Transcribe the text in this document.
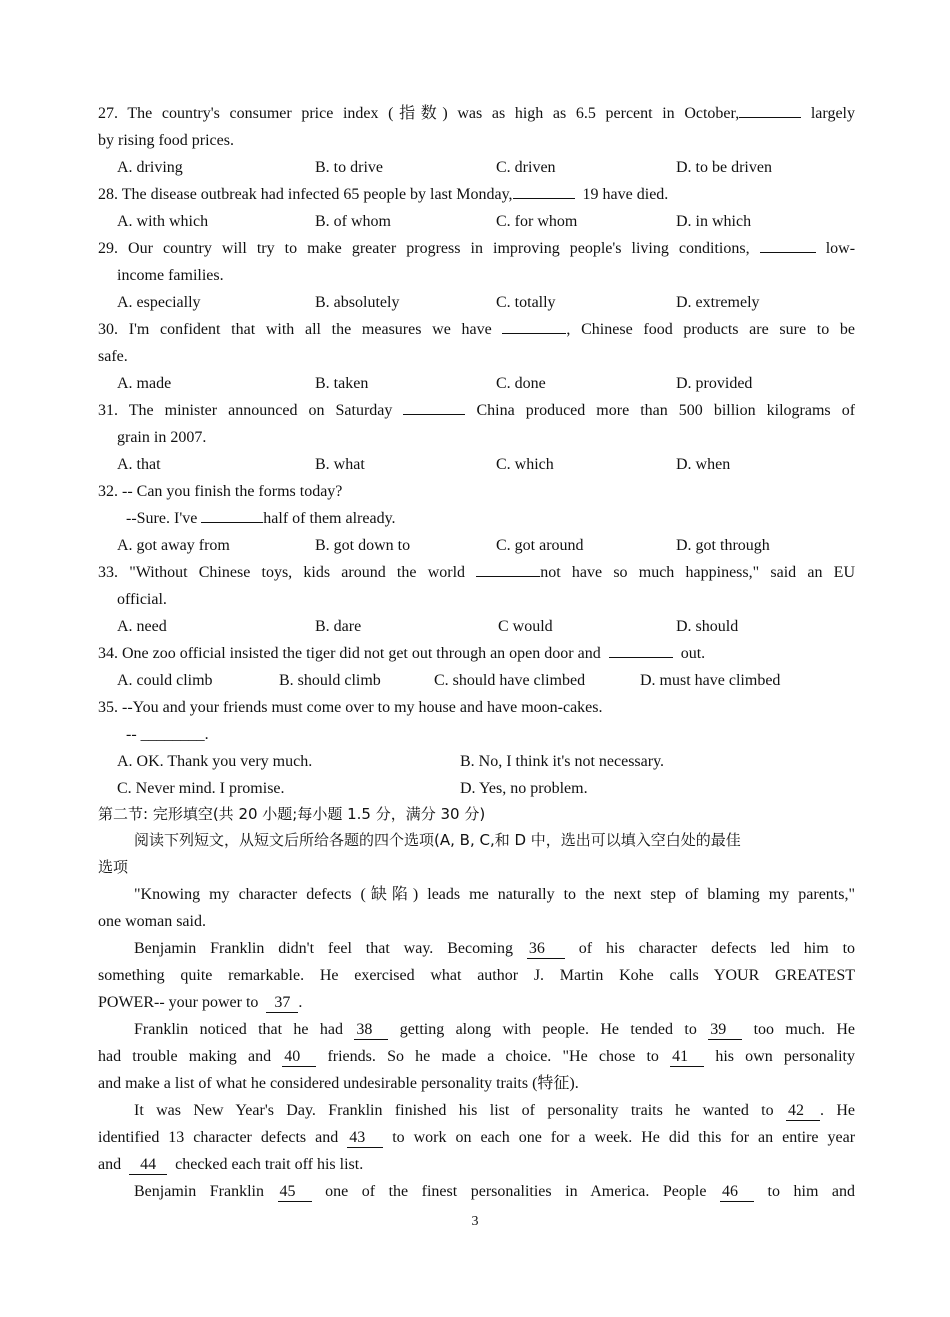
27. The country's consumer price index (指数) was as high as 6.5 percent in October,	largely
by rising food prices.
A. driving	B. to drive	C. driven	D. to be driven
28. The disease outbreak had infected 65 people by last Monday,	19 have died.
A. with which	B. of whom	C. for whom	D. in which
29. Our country will try to make greater progress in improving people's living conditions,	low-
income families.
A. especially	B. absolutely	C. totally	D. extremely
30. I'm confident that with all the measures we have	, Chinese food products are sure to be
safe.
A. made	B. taken	C. done	D. provided
31. The minister announced on Saturday	China produced more than 500 billion kilograms of
grain in 2007.
A. that	B. what	C. which	D. when
32. -- Can you finish the forms today?
--Sure. I've	half of them already.
A. got away from	B. got down to	C. got around	D. got through
33. "Without Chinese toys, kids around the world	not have so much happiness," said an EU
official.
A. need	B. dare	C would	D. should
34. One zoo official insisted the tiger did not get out through an open door and	out.
A. could climb	B. should climb	C. should have climbed	D. must have climbed
35. --You and your friends must come over to my house and have moon-cakes.
-- ________.
A. OK. Thank you very much.	B. No, I think it's not necessary.
C. Never mind. I promise.	D. Yes, no problem.
第二节: 完形填空(共 20 小题;每小题 1.5 分，满分 30 分)
阅读下列短文，从短文后所给各题的四个选项(A, B, C,和 D 中，选出可以填入空白处的最佳
选项
"Knowing my character defects (缺陷) leads me naturally to the next step of blaming my parents,"
one woman said.
Benjamin Franklin didn't feel that way. Becoming 36 of his character defects led him to
something quite remarkable. He exercised what author J. Martin Kohe calls YOUR GREATEST
POWER-- your power to 37 .
Franklin noticed that he had 38 getting along with people. He tended to 39 too much. He
had trouble making and 40 friends. So he made a choice. "He chose to 41 his own personality
and make a list of what he considered undesirable personality traits (特征).
It was New Year's Day. Franklin finished his list of personality traits he wanted to 42 . He
identified 13 character defects and 43 to work on each one for a week. He did this for an entire year
and 44 checked each trait off his list.
Benjamin Franklin 45 one of the finest personalities in America. People 46 to him and
3
